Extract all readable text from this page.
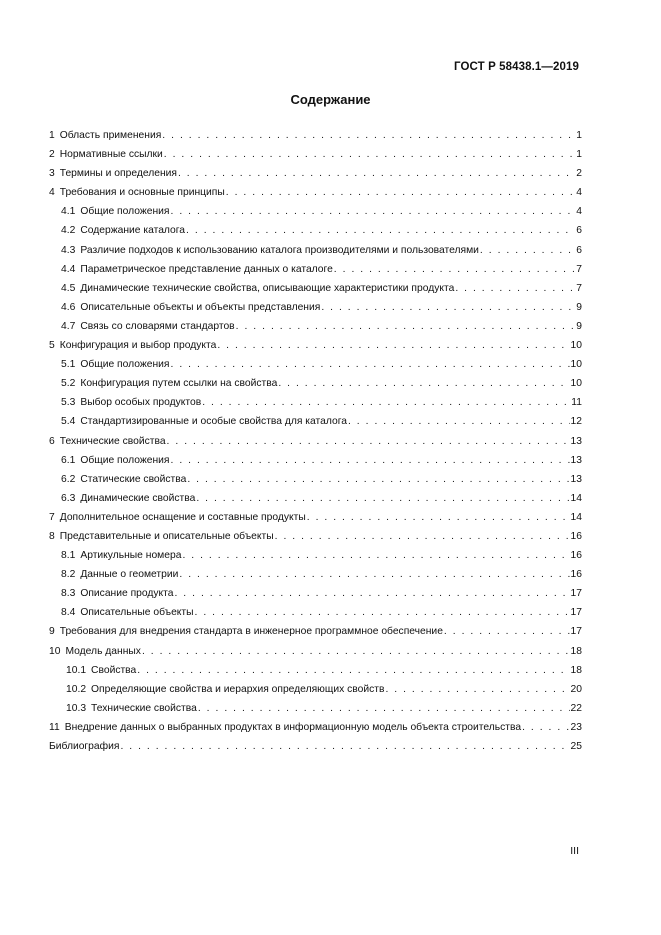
ГОСТ Р 58438.1—2019
Содержание
1 Область применения . . .	1
2 Нормативные ссылки . . .	1
3 Термины и определения . . .	2
4 Требования и основные принципы . . .	4
4.1 Общие положения . . .	4
4.2 Содержание каталога . . .	6
4.3 Различие подходов к использованию каталога производителями и пользователями . . .	6
4.4 Параметрическое представление данных о каталоге . . .	7
4.5 Динамические технические свойства, описывающие характеристики продукта . . .	7
4.6 Описательные объекты и объекты представления . . .	9
4.7 Связь со словарями стандартов . . .	9
5 Конфигурация и выбор продукта . . .	10
5.1 Общие положения . . .	10
5.2 Конфигурация путем ссылки на свойства . . .	10
5.3 Выбор особых продуктов . . .	11
5.4 Стандартизированные и особые свойства для каталога . . .	12
6 Технические свойства . . .	13
6.1 Общие положения . . .	13
6.2 Статические свойства . . .	13
6.3 Динамические свойства . . .	14
7 Дополнительное оснащение и составные продукты . . .	14
8 Представительные и описательные объекты . . .	16
8.1 Артикульные номера . . .	16
8.2 Данные о геометрии . . .	16
8.3 Описание продукта . . .	17
8.4 Описательные объекты . . .	17
9 Требования для внедрения стандарта в инженерное программное обеспечение . . .	17
10 Модель данных . . .	18
10.1 Свойства . . .	18
10.2 Определяющие свойства и иерархия определяющих свойств . . .	20
10.3 Технические свойства . . .	22
11 Внедрение данных о выбранных продуктах в информационную модель объекта строительства . . .	23
Библиография . . .	25
III
